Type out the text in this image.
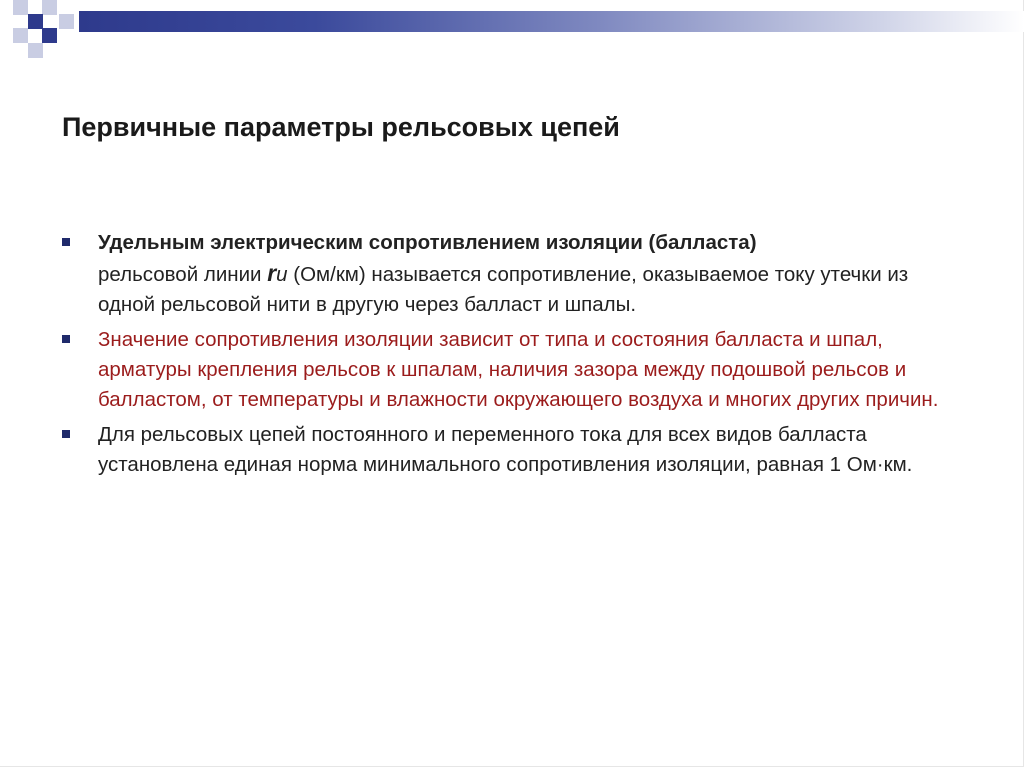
Первичные параметры рельсовых цепей
Удельным электрическим сопротивлением изоляции (балласта)
рельсовой линии rи (Ом/км) называется сопротивление, оказываемое току утечки из одной рельсовой нити в другую через балласт и шпалы.
Значение сопротивления изоляции зависит от типа и состояния балласта и шпал, арматуры крепления рельсов к шпалам, наличия зазора между подошвой рельсов и балластом, от температуры и влажности окружающего воздуха и многих других причин.
Для рельсовых цепей постоянного и переменного тока для всех видов балласта установлена единая норма минимального сопротивления изоляции, равная 1 Ом·км.
